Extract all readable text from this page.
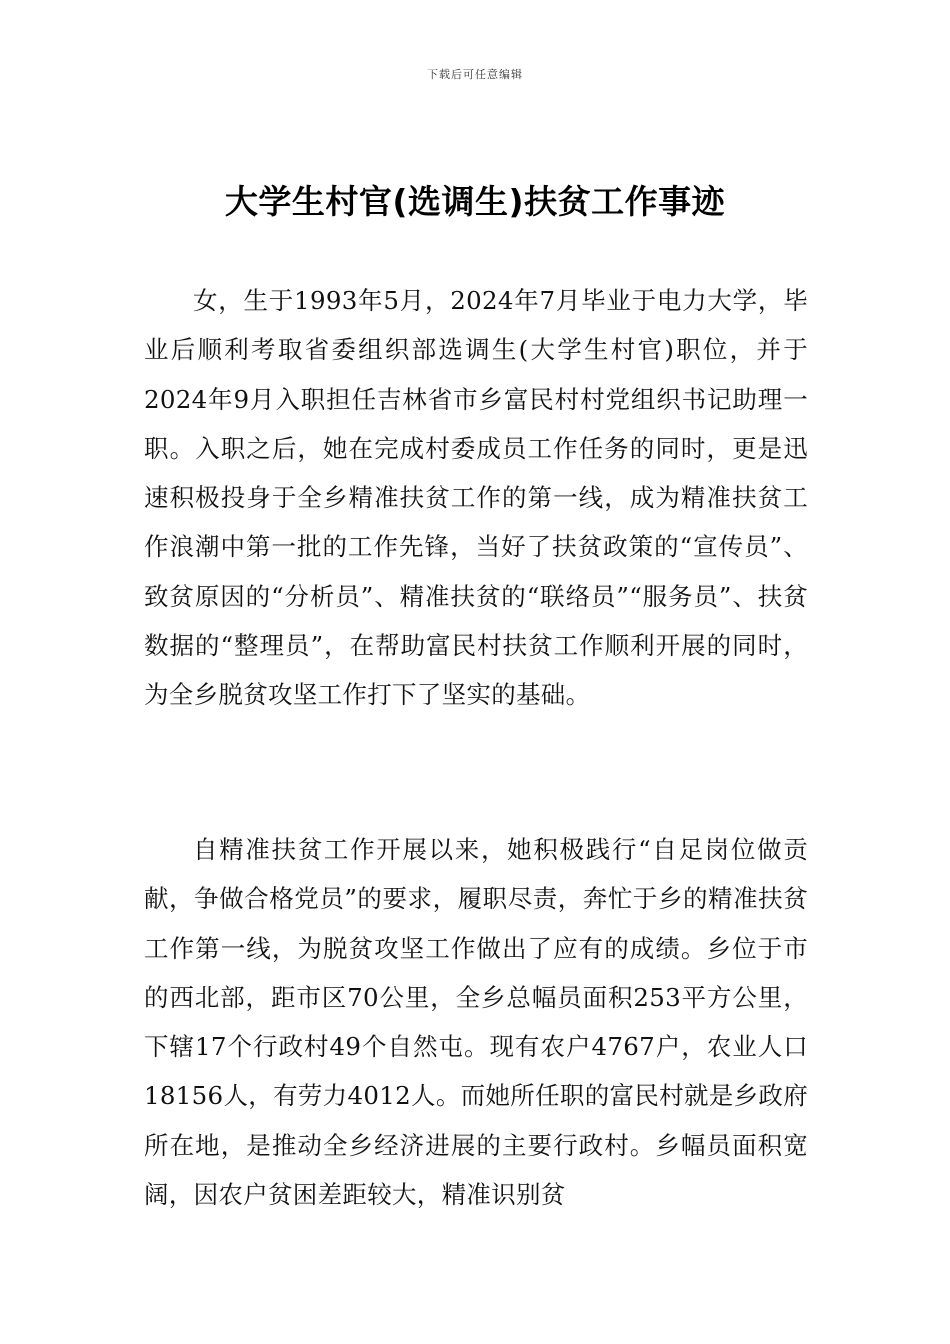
下载后可任意编辑
大学生村官(选调生)扶贫工作事迹

女，生于1993年5月，2024年7月毕业于电力大学，毕业后顺利考取省委组织部选调生(大学生村官)职位，并于2024年9月入职担任吉林省市乡富民村村党组织书记助理一职。入职之后，她在完成村委成员工作任务的同时，更是迅速积极投身于全乡精准扶贫工作的第一线，成为精准扶贫工作浪潮中第一批的工作先锋，当好了扶贫政策的“宣传员”、致贫原因的“分析员”、精准扶贫的“联络员”“服务员”、扶贫数据的“整理员”，在帮助富民村扶贫工作顺利开展的同时，为全乡脱贫攻坚工作打下了坚实的基础。

自精准扶贫工作开展以来，她积极践行“自足岗位做贡献，争做合格党员”的要求，履职尽责，奔忙于乡的精准扶贫工作第一线，为脱贫攻坚工作做出了应有的成绩。乡位于市的西北部，距市区70公里，全乡总幅员面积253平方公里，下辖17个行政村49个自然屯。现有农户4767户，农业人口18156人，有劳力4012人。而她所任职的富民村就是乡政府所在地，是推动全乡经济进展的主要行政村。乡幅员面积宽阔，因农户贫困差距较大，精准识别贫
